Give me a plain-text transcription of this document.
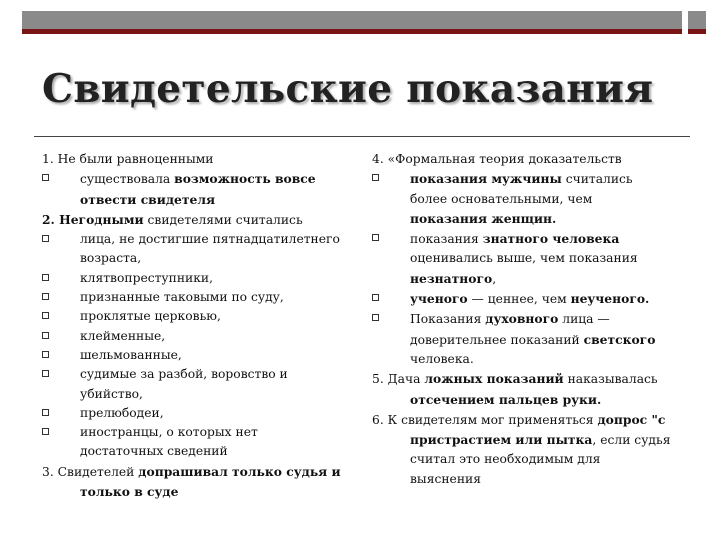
Свидетельские показания
1. Не были равноценными
существовала возможность вовсе
отвести свидетеля
2. Негодными свидетелями считались
лица, не достигшие пятнадцатилетнего
возраста,
клятвопреступники,
признанные таковыми по суду,
проклятые церковью,
клейменные,
шельмованные,
судимые за разбой, воровство и
убийство,
прелюбодеи,
иностранцы, о которых нет
достаточных сведений
3. Свидетелей допрашивал только судья и
только в суде
4. «Формальная теория доказательств
показания мужчины считались
более основательными, чем
показания женщин.
показания знатного человека
оценивались выше, чем показания
незнатного,
ученого — ценнее, чем неученого.
Показания духовного лица —
доверительнее показаний светского
человека.
5. Дача ложных показаний наказывалась
отсечением пальцев руки.
6. К свидетелям мог применяться допрос "с
пристрастием или пытка, если судья
считал это необходимым для
выяснения
